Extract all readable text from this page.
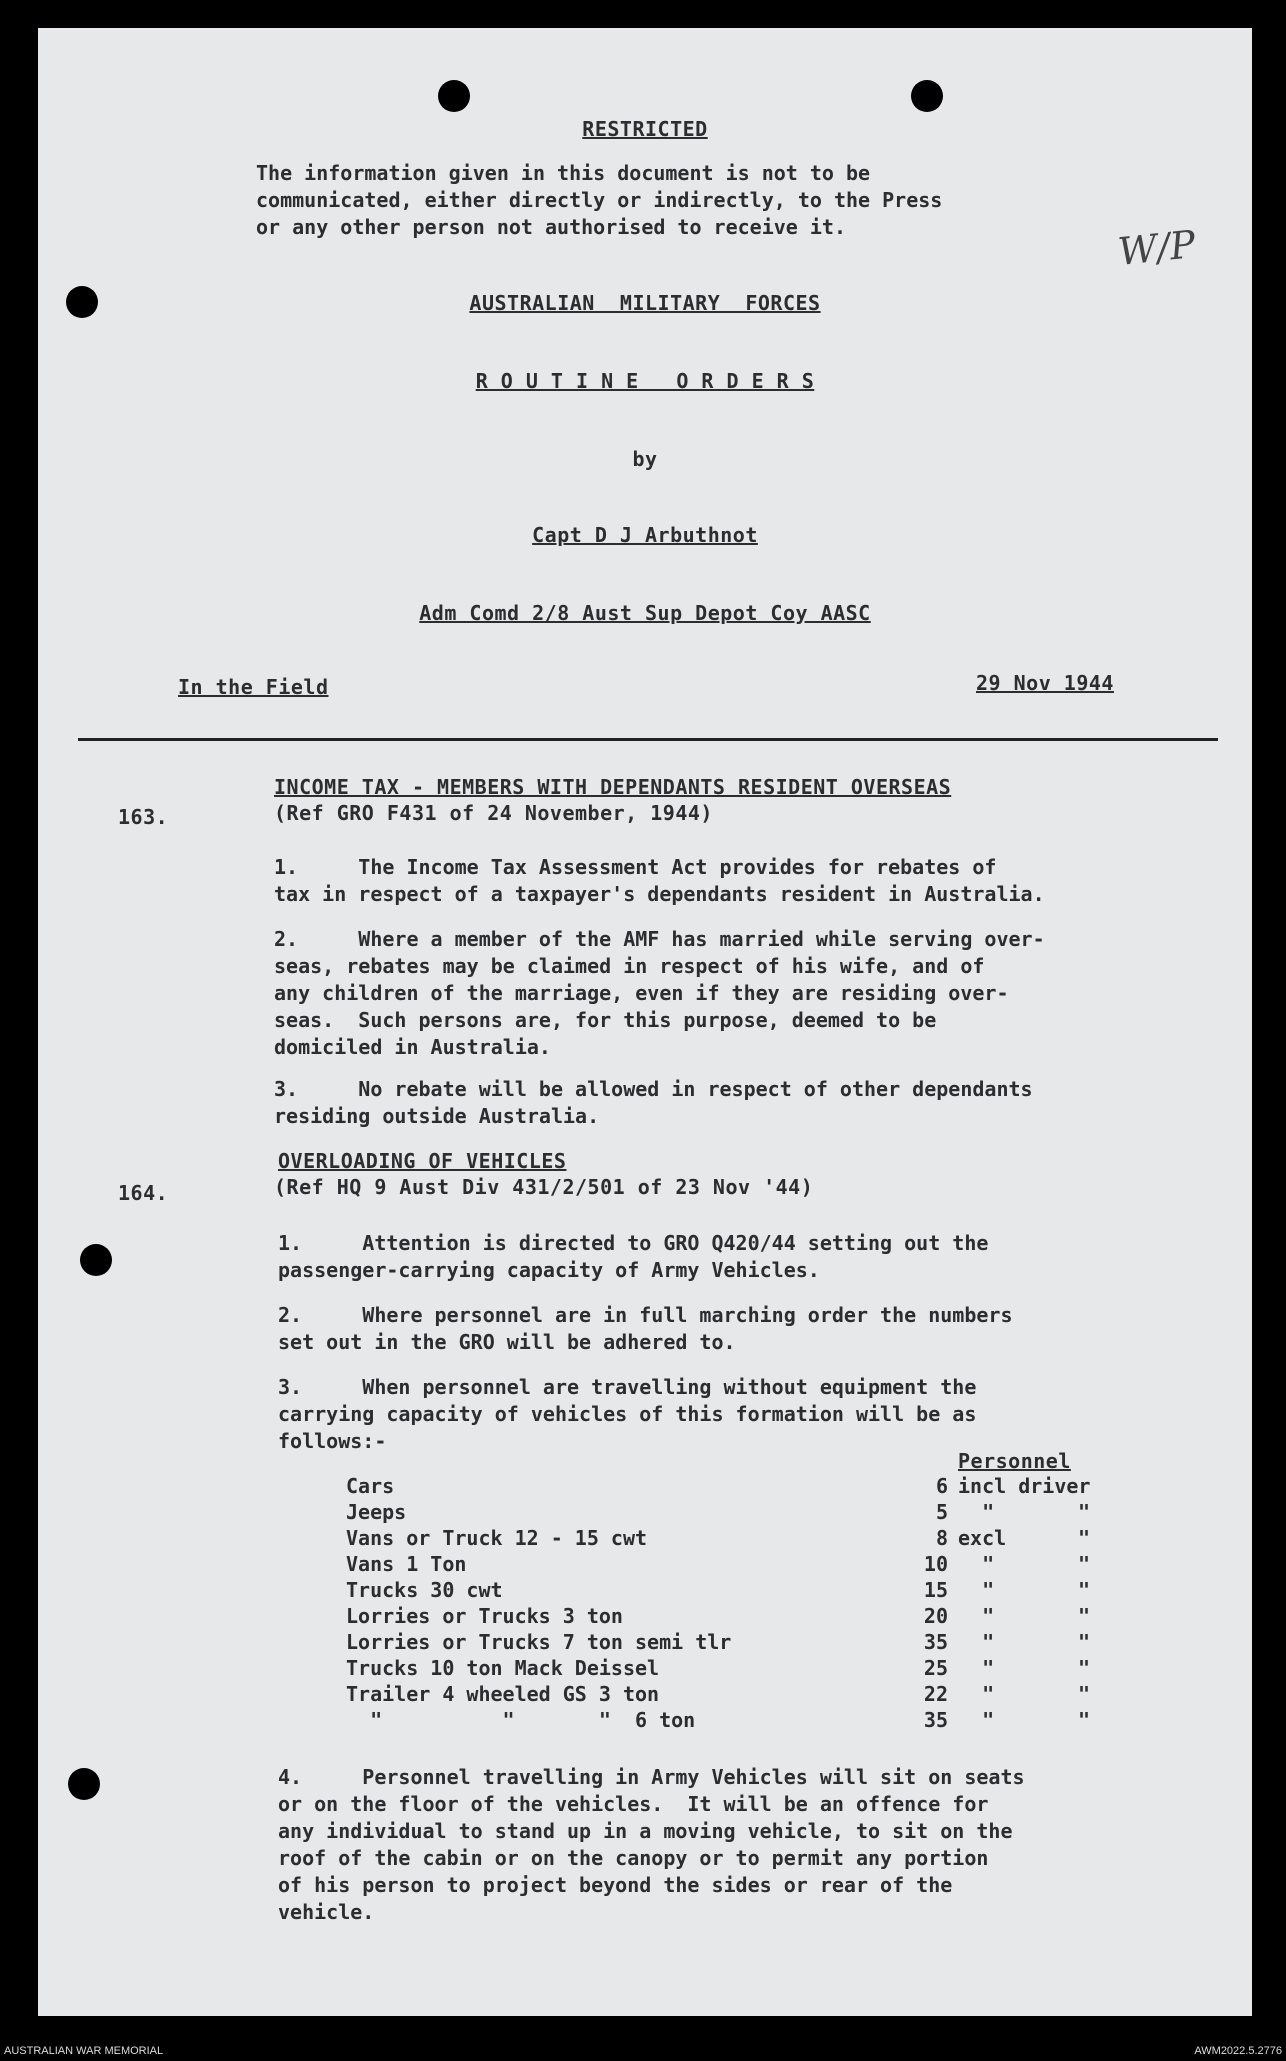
RESTRICTED
The information given in this document is not to be
communicated, either directly or indirectly, to the Press
or any other person not authorised to receive it.	W/P
AUSTRALIAN  MILITARY  FORCES
R O U T I N E   O R D E R S
by
Capt D J Arbuthnot
Adm Comd 2/8 Aust Sup Depot Coy AASC
In the Field	29 Nov 1944
163.
INCOME TAX - MEMBERS WITH DEPENDANTS RESIDENT OVERSEAS
(Ref GRO F431 of 24 November, 1944)
1.     The Income Tax Assessment Act provides for rebates of
tax in respect of a taxpayer's dependants resident in Australia.
2.     Where a member of the AMF has married while serving over-
seas, rebates may be claimed in respect of his wife, and of
any children of the marriage, even if they are residing over-
seas.  Such persons are, for this purpose, deemed to be
domiciled in Australia.
3.     No rebate will be allowed in respect of other dependants
residing outside Australia.
164.
OVERLOADING OF VEHICLES
(Ref HQ 9 Aust Div 431/2/501 of 23 Nov '44)
1.     Attention is directed to GRO Q420/44 setting out the
passenger-carrying capacity of Army Vehicles.
2.     Where personnel are in full marching order the numbers
set out in the GRO will be adhered to.
3.     When personnel are travelling without equipment the
carrying capacity of vehicles of this formation will be as
follows:-
Personnel
Cars	6 incl driver
Jeeps	5 "	"
Vans or Truck 12 - 15 cwt	8 excl	"
Vans 1 Ton	10 "	"
Trucks 30 cwt	15 "	"
Lorries or Trucks 3 ton	20 "	"
Lorries or Trucks 7 ton semi tlr	35 "	"
Trucks 10 ton Mack Deissel	25 "	"
Trailer 4 wheeled GS 3 ton	22 "	"
"          "       "  6 ton	35 "	"
4.     Personnel travelling in Army Vehicles will sit on seats
or on the floor of the vehicles.  It will be an offence for
any individual to stand up in a moving vehicle, to sit on the
roof of the cabin or on the canopy or to permit any portion
of his person to project beyond the sides or rear of the
vehicle.
AUSTRALIAN WAR MEMORIAL	AWM2022.5.2776
